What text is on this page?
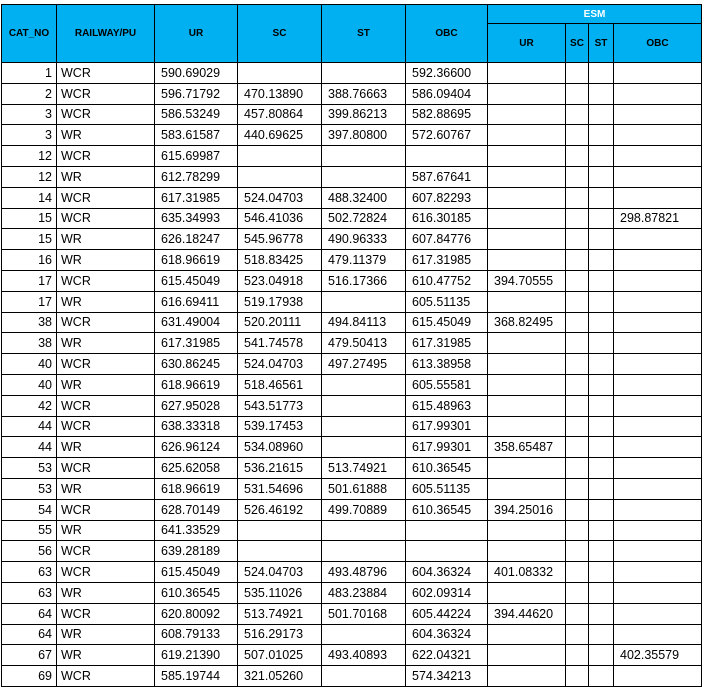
CAT_NO	RAILWAY/PU	UR	SC	ST	OBC	ESM			
						UR	SC	ST	OBC
1	WCR	590.69029			592.36600				
2	WCR	596.71792	470.13890	388.76663	586.09404				
3	WCR	586.53249	457.80864	399.86213	582.88695				
3	WR	583.61587	440.69625	397.80800	572.60767				
12	WCR	615.69987							
12	WR	612.78299			587.67641				
14	WCR	617.31985	524.04703	488.32400	607.82293				
15	WCR	635.34993	546.41036	502.72824	616.30185				298.87821
15	WR	626.18247	545.96778	490.96333	607.84776				
16	WR	618.96619	518.83425	479.11379	617.31985				
17	WCR	615.45049	523.04918	516.17366	610.47752	394.70555			
17	WR	616.69411	519.17938		605.51135				
38	WCR	631.49004	520.20111	494.84113	615.45049	368.82495			
38	WR	617.31985	541.74578	479.50413	617.31985				
40	WCR	630.86245	524.04703	497.27495	613.38958				
40	WR	618.96619	518.46561		605.55581				
42	WCR	627.95028	543.51773		615.48963				
44	WCR	638.33318	539.17453		617.99301				
44	WR	626.96124	534.08960		617.99301	358.65487			
53	WCR	625.62058	536.21615	513.74921	610.36545				
53	WR	618.96619	531.54696	501.61888	605.51135				
54	WCR	628.70149	526.46192	499.70889	610.36545	394.25016			
55	WR	641.33529							
56	WCR	639.28189							
63	WCR	615.45049	524.04703	493.48796	604.36324	401.08332			
63	WR	610.36545	535.11026	483.23884	602.09314				
64	WCR	620.80092	513.74921	501.70168	605.44224	394.44620			
64	WR	608.79133	516.29173		604.36324				
67	WR	619.21390	507.01025	493.40893	622.04321				402.35579
69	WCR	585.19744	321.05260		574.34213				
